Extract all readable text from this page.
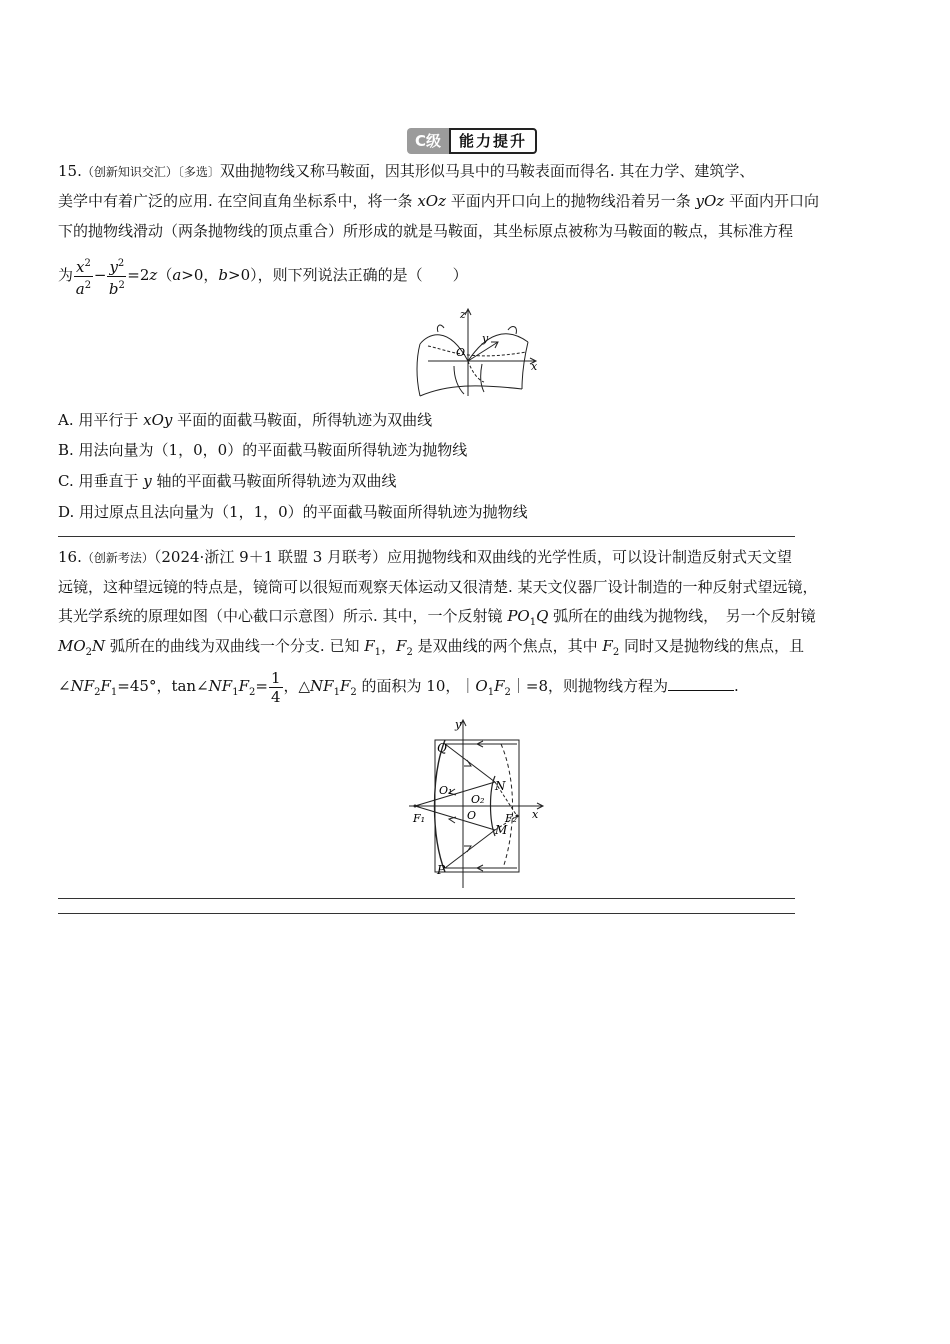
C级	能力提升
15.（创新知识交汇）〔多选〕双曲抛物线又称马鞍面，因其形似马具中的马鞍表面而得名. 其在力学、建筑学、
美学中有着广泛的应用. 在空间直角坐标系中，将一条 xOz 平面内开口向上的抛物线沿着另一条 yOz 平面内开口向
下的抛物线滑动（两条抛物线的顶点重合）所形成的就是马鞍面，其坐标原点被称为马鞍面的鞍点，其标准方程
为 $\frac{x^2}{a^2} - \frac{y^2}{b^2} =2z(a>0$，b>0），则下列说法正确的是（　　）
z
y
O
x
A. 用平行于 xOy 平面的面截马鞍面，所得轨迹为双曲线
B. 用法向量为（1，0，0）的平面截马鞍面所得轨迹为抛物线
C. 用垂直于 y 轴的平面截马鞍面所得轨迹为双曲线
D. 用过原点且法向量为（1，1，0）的平面截马鞍面所得轨迹为抛物线
16.（创新考法）（2024·浙江 9＋1 联盟 3 月联考）应用抛物线和双曲线的光学性质，可以设计制造反射式天文望
远镜，这种望远镜的特点是，镜筒可以很短而观察天体运动又很清楚. 某天文仪器厂设计制造的一种反射式望远镜，
其光学系统的原理如图（中心截口示意图）所示. 其中，一个反射镜 $PO_1Q$ 弧所在的曲线为抛物线，　另一个反射镜
$MO_2N$ 弧所在的曲线为双曲线一个分支. 已知 $F_1$，$F_2$ 是双曲线的两个焦点，其中 $F_2$ 同时又是抛物线的焦点，且
$\angle NF_2F_1=45^\circ$，$\tan\angle NF_1F_2= \frac{1}{4}$ ，$\triangle NF_1F_2$ 的面积为 10，$|O_1F_2|=8$，则抛物线方程为	.
y
Q
O₁	N
O₂
F₁	O	F₂
M
x
P
